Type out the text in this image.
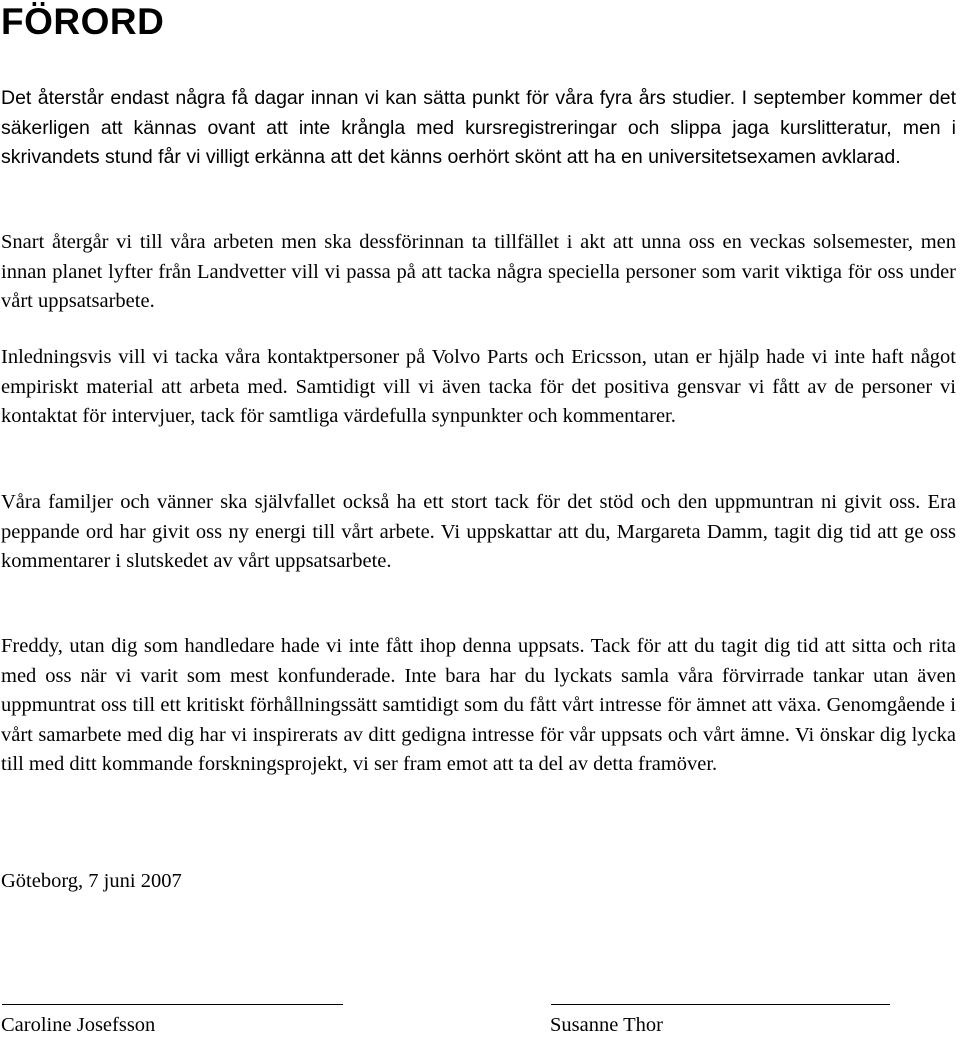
FÖRORD

Det återstår endast några få dagar innan vi kan sätta punkt för våra fyra års studier. I september kommer det säkerligen att kännas ovant att inte krångla med kursregistreringar och slippa jaga kurslitteratur, men i skrivandets stund får vi villigt erkänna att det känns oerhört skönt att ha en universitetsexamen avklarad.

Snart återgår vi till våra arbeten men ska dessförinnan ta tillfället i akt att unna oss en veckas solsemester, men innan planet lyfter från Landvetter vill vi passa på att tacka några speciella personer som varit viktiga för oss under vårt uppsatsarbete.

Inledningsvis vill vi tacka våra kontaktpersoner på Volvo Parts och Ericsson, utan er hjälp hade vi inte haft något empiriskt material att arbeta med. Samtidigt vill vi även tacka för det positiva gensvar vi fått av de personer vi kontaktat för intervjuer, tack för samtliga värdefulla synpunkter och kommentarer.

Våra familjer och vänner ska självfallet också ha ett stort tack för det stöd och den uppmuntran ni givit oss. Era peppande ord har givit oss ny energi till vårt arbete. Vi uppskattar att du, Margareta Damm, tagit dig tid att ge oss kommentarer i slutskedet av vårt uppsatsarbete.

Freddy, utan dig som handledare hade vi inte fått ihop denna uppsats. Tack för att du tagit dig tid att sitta och rita med oss när vi varit som mest konfunderade. Inte bara har du lyckats samla våra förvirrade tankar utan även uppmuntrat oss till ett kritiskt förhållningssätt samtidigt som du fått vårt intresse för ämnet att växa. Genomgående i vårt samarbete med dig har vi inspirerats av ditt gedigna intresse för vår uppsats och vårt ämne. Vi önskar dig lycka till med ditt kommande forskningsprojekt, vi ser fram emot att ta del av detta framöver.

Göteborg, 7 juni 2007

Caroline Josefsson	Susanne Thor
